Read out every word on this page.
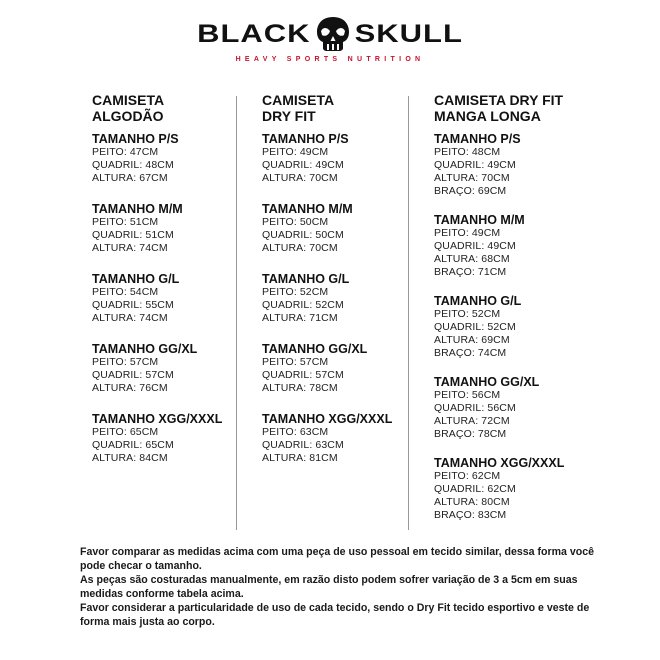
BLACK SKULL
HEAVY SPORTS NUTRITION
CAMISETA
ALGODÃO
TAMANHO P/S
PEITO: 47CM
QUADRIL: 48CM
ALTURA: 67CM
TAMANHO M/M
PEITO: 51CM
QUADRIL: 51CM
ALTURA: 74CM
TAMANHO G/L
PEITO: 54CM
QUADRIL: 55CM
ALTURA: 74CM
TAMANHO GG/XL
PEITO: 57CM
QUADRIL: 57CM
ALTURA: 76CM
TAMANHO XGG/XXXL
PEITO: 65CM
QUADRIL: 65CM
ALTURA: 84CM
CAMISETA
DRY FIT
TAMANHO P/S
PEITO: 49CM
QUADRIL: 49CM
ALTURA: 70CM
TAMANHO M/M
PEITO: 50CM
QUADRIL: 50CM
ALTURA: 70CM
TAMANHO G/L
PEITO: 52CM
QUADRIL: 52CM
ALTURA: 71CM
TAMANHO GG/XL
PEITO: 57CM
QUADRIL: 57CM
ALTURA: 78CM
TAMANHO XGG/XXXL
PEITO: 63CM
QUADRIL: 63CM
ALTURA: 81CM
CAMISETA DRY FIT
MANGA LONGA
TAMANHO P/S
PEITO: 48CM
QUADRIL: 49CM
ALTURA: 70CM
BRAÇO: 69CM
TAMANHO M/M
PEITO: 49CM
QUADRIL: 49CM
ALTURA: 68CM
BRAÇO: 71CM
TAMANHO G/L
PEITO: 52CM
QUADRIL: 52CM
ALTURA: 69CM
BRAÇO: 74CM
TAMANHO GG/XL
PEITO: 56CM
QUADRIL: 56CM
ALTURA: 72CM
BRAÇO: 78CM
TAMANHO XGG/XXXL
PEITO: 62CM
QUADRIL: 62CM
ALTURA: 80CM
BRAÇO: 83CM

Favor comparar as medidas acima com uma peça de uso pessoal em tecido similar, dessa forma você pode checar o tamanho.

As peças são costuradas manualmente, em razão disto podem sofrer variação de 3 a 5cm em suas medidas conforme tabela acima.

Favor considerar a particularidade de uso de cada tecido, sendo o Dry Fit tecido esportivo e veste de forma mais justa ao corpo.
